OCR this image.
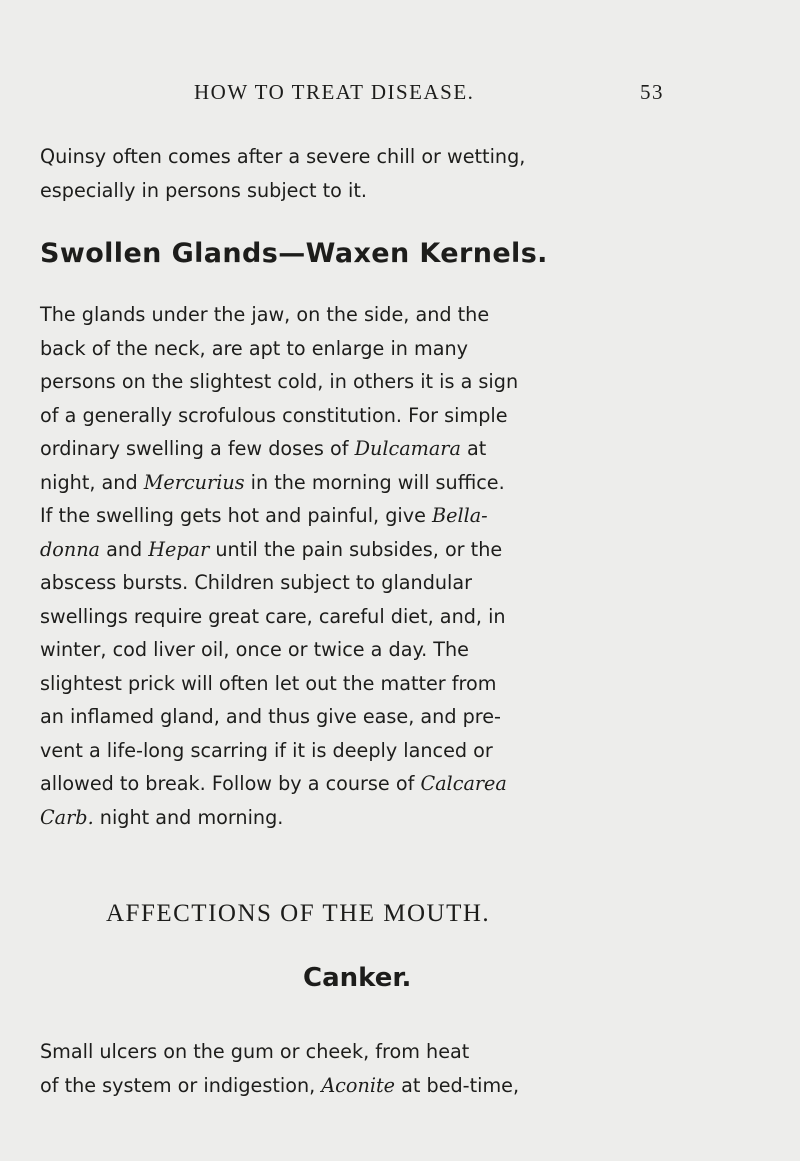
HOW TO TREAT DISEASE.	53
Quinsy often comes after a severe chill or wetting,
especially in persons subject to it.
Swollen Glands—Waxen Kernels.
The glands under the jaw, on the side, and the
back of the neck, are apt to enlarge in many
persons on the slightest cold, in others it is a sign
of a generally scrofulous constitution. For simple
ordinary swelling a few doses of Dulcamara at
night, and Mercurius in the morning will suffice.
If the swelling gets hot and painful, give Bella-
donna and Hepar until the pain subsides, or the
abscess bursts. Children subject to glandular
swellings require great care, careful diet, and, in
winter, cod liver oil, once or twice a day. The
slightest prick will often let out the matter from
an inflamed gland, and thus give ease, and pre-
vent a life-long scarring if it is deeply lanced or
allowed to break. Follow by a course of Calcarea
Carb. night and morning.
AFFECTIONS OF THE MOUTH.
Canker.
Small ulcers on the gum or cheek, from heat
of the system or indigestion, Aconite at bed-time,
